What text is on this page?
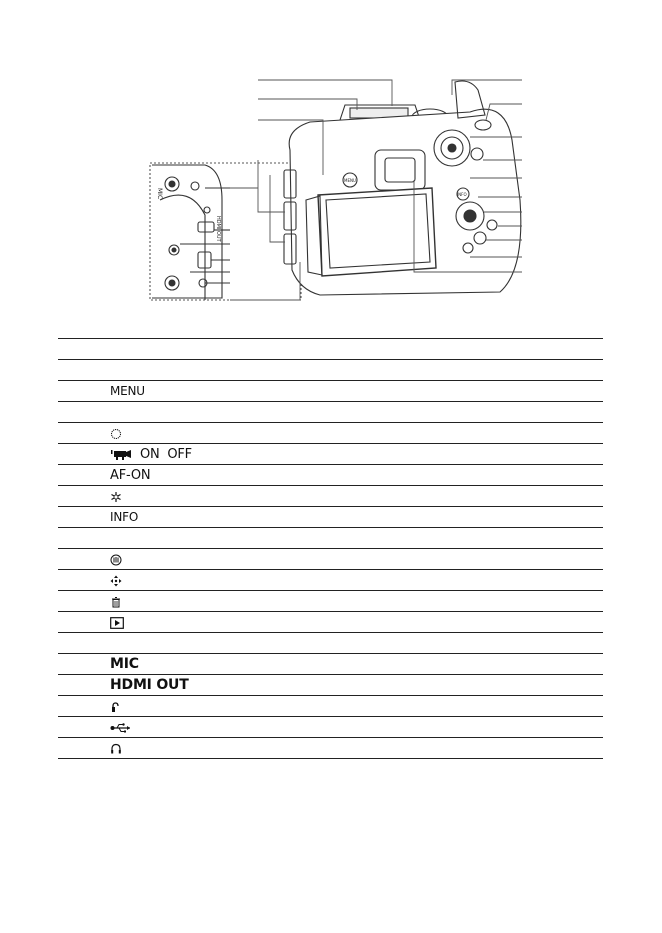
MIC
HDMI OUT
MENU
INFO
MENU
ON  OFF
AF-ON
INFO
MIC
HDMI OUT
